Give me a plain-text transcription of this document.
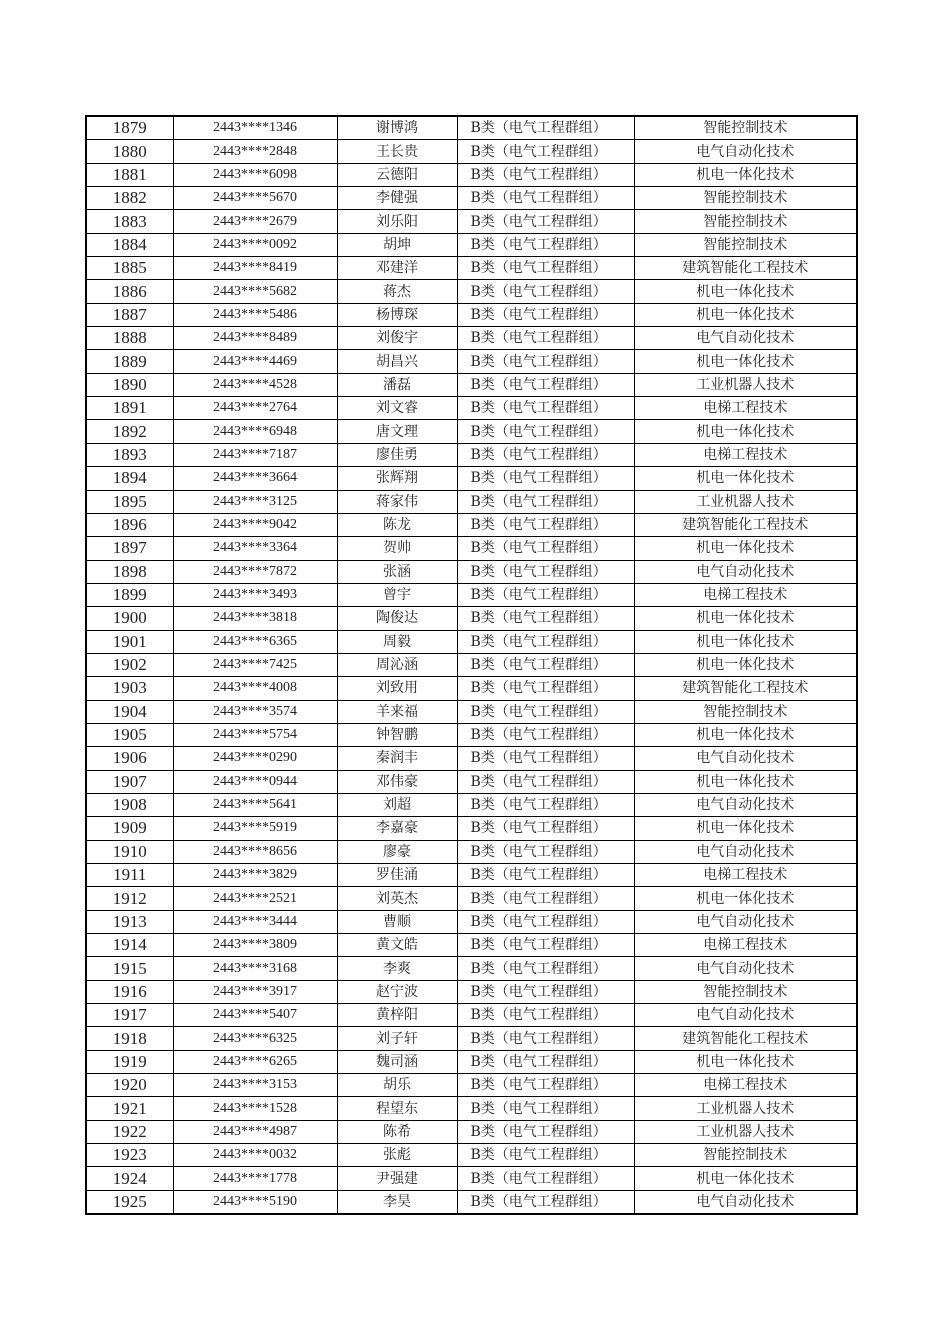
1879	2443****1346	谢博鸿	B类（电气工程群组）	智能控制技术
1880	2443****2848	王长贵	B类（电气工程群组）	电气自动化技术
1881	2443****6098	云德阳	B类（电气工程群组）	机电一体化技术
1882	2443****5670	李健强	B类（电气工程群组）	智能控制技术
1883	2443****2679	刘乐阳	B类（电气工程群组）	智能控制技术
1884	2443****0092	胡坤	B类（电气工程群组）	智能控制技术
1885	2443****8419	邓建洋	B类（电气工程群组）	建筑智能化工程技术
1886	2443****5682	蒋杰	B类（电气工程群组）	机电一体化技术
1887	2443****5486	杨博琛	B类（电气工程群组）	机电一体化技术
1888	2443****8489	刘俊宇	B类（电气工程群组）	电气自动化技术
1889	2443****4469	胡昌兴	B类（电气工程群组）	机电一体化技术
1890	2443****4528	潘磊	B类（电气工程群组）	工业机器人技术
1891	2443****2764	刘文睿	B类（电气工程群组）	电梯工程技术
1892	2443****6948	唐文理	B类（电气工程群组）	机电一体化技术
1893	2443****7187	廖佳勇	B类（电气工程群组）	电梯工程技术
1894	2443****3664	张辉翔	B类（电气工程群组）	机电一体化技术
1895	2443****3125	蒋家伟	B类（电气工程群组）	工业机器人技术
1896	2443****9042	陈龙	B类（电气工程群组）	建筑智能化工程技术
1897	2443****3364	贺帅	B类（电气工程群组）	机电一体化技术
1898	2443****7872	张涵	B类（电气工程群组）	电气自动化技术
1899	2443****3493	曾宇	B类（电气工程群组）	电梯工程技术
1900	2443****3818	陶俊达	B类（电气工程群组）	机电一体化技术
1901	2443****6365	周毅	B类（电气工程群组）	机电一体化技术
1902	2443****7425	周沁涵	B类（电气工程群组）	机电一体化技术
1903	2443****4008	刘致用	B类（电气工程群组）	建筑智能化工程技术
1904	2443****3574	羊来福	B类（电气工程群组）	智能控制技术
1905	2443****5754	钟智鹏	B类（电气工程群组）	机电一体化技术
1906	2443****0290	秦润丰	B类（电气工程群组）	电气自动化技术
1907	2443****0944	邓伟豪	B类（电气工程群组）	机电一体化技术
1908	2443****5641	刘超	B类（电气工程群组）	电气自动化技术
1909	2443****5919	李嘉豪	B类（电气工程群组）	机电一体化技术
1910	2443****8656	廖豪	B类（电气工程群组）	电气自动化技术
1911	2443****3829	罗佳涌	B类（电气工程群组）	电梯工程技术
1912	2443****2521	刘英杰	B类（电气工程群组）	机电一体化技术
1913	2443****3444	曹顺	B类（电气工程群组）	电气自动化技术
1914	2443****3809	黄文皓	B类（电气工程群组）	电梯工程技术
1915	2443****3168	李爽	B类（电气工程群组）	电气自动化技术
1916	2443****3917	赵宁波	B类（电气工程群组）	智能控制技术
1917	2443****5407	黄梓阳	B类（电气工程群组）	电气自动化技术
1918	2443****6325	刘子轩	B类（电气工程群组）	建筑智能化工程技术
1919	2443****6265	魏司涵	B类（电气工程群组）	机电一体化技术
1920	2443****3153	胡乐	B类（电气工程群组）	电梯工程技术
1921	2443****1528	程望东	B类（电气工程群组）	工业机器人技术
1922	2443****4987	陈希	B类（电气工程群组）	工业机器人技术
1923	2443****0032	张彪	B类（电气工程群组）	智能控制技术
1924	2443****1778	尹强建	B类（电气工程群组）	机电一体化技术
1925	2443****5190	李昊	B类（电气工程群组）	电气自动化技术
